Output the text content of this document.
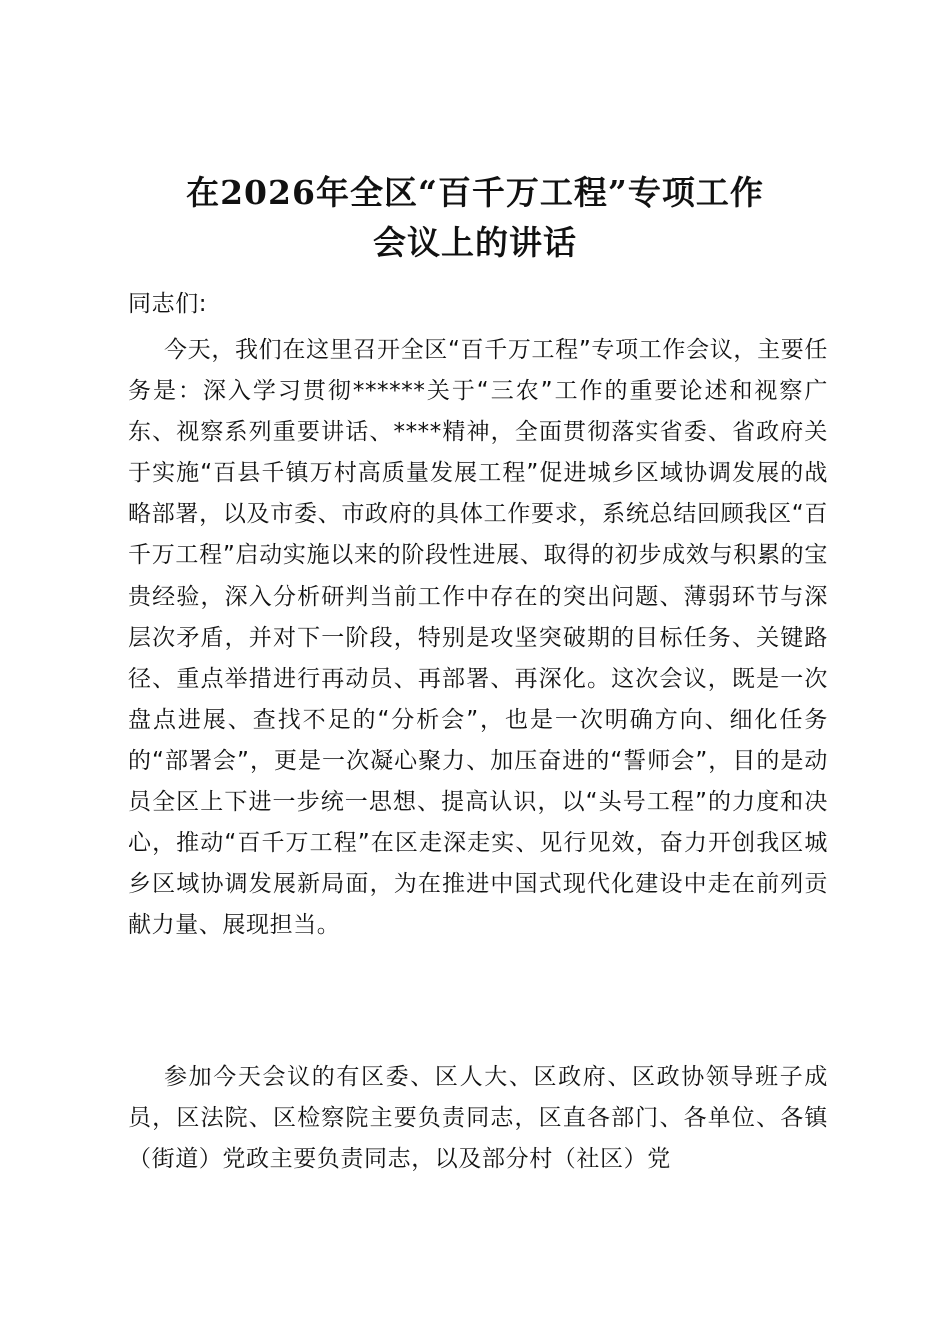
在2026年全区“百千万工程”专项工作
会议上的讲话

同志们:

今天，我们在这里召开全区“百千万工程”专项工作会议，主要任务是：深入学习贯彻******关于“三农”工作的重要论述和视察广东、视察系列重要讲话、****精神，全面贯彻落实省委、省政府关于实施“百县千镇万村高质量发展工程”促进城乡区域协调发展的战略部署，以及市委、市政府的具体工作要求，系统总结回顾我区“百千万工程”启动实施以来的阶段性进展、取得的初步成效与积累的宝贵经验，深入分析研判当前工作中存在的突出问题、薄弱环节与深层次矛盾，并对下一阶段，特别是攻坚突破期的目标任务、关键路径、重点举措进行再动员、再部署、再深化。这次会议，既是一次盘点进展、查找不足的“分析会”，也是一次明确方向、细化任务的“部署会”，更是一次凝心聚力、加压奋进的“誓师会”，目的是动员全区上下进一步统一思想、提高认识，以“头号工程”的力度和决心，推动“百千万工程”在区走深走实、见行见效，奋力开创我区城乡区域协调发展新局面，为在推进中国式现代化建设中走在前列贡献力量、展现担当。

参加今天会议的有区委、区人大、区政府、区政协领导班子成员，区法院、区检察院主要负责同志，区直各部门、各单位、各镇（街道）党政主要负责同志，以及部分村（社区）党
